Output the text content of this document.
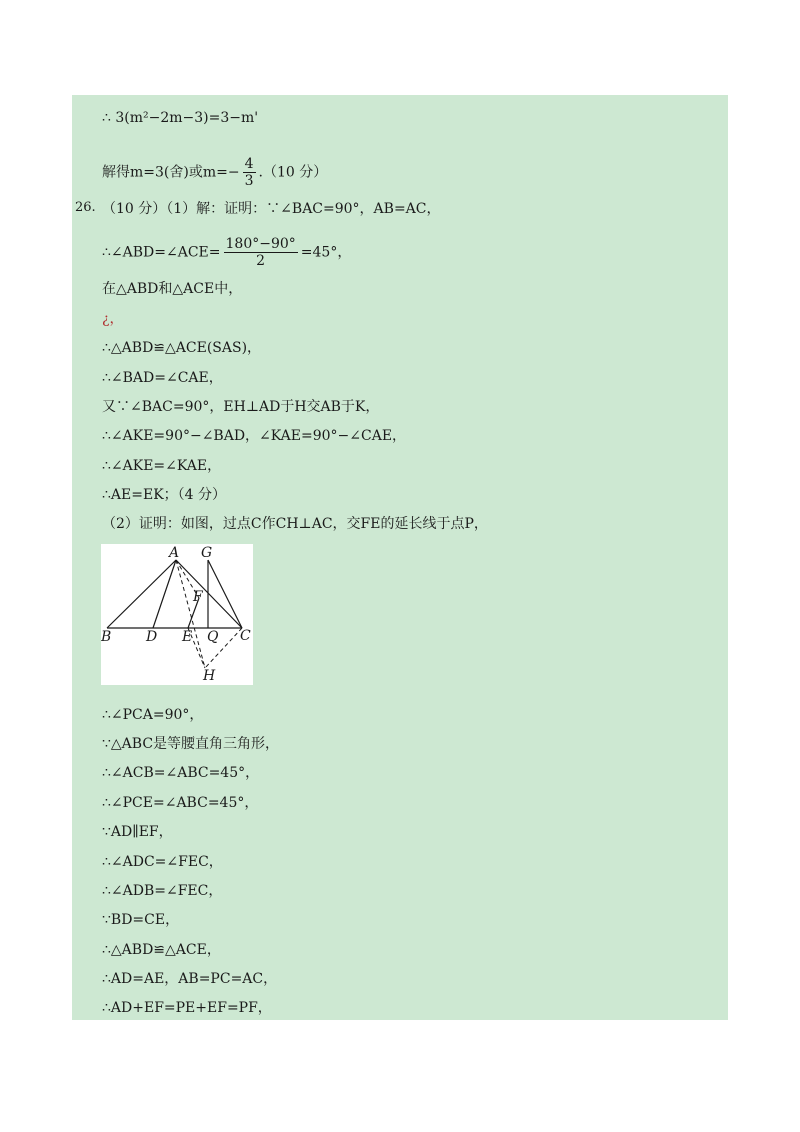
∴ 3(m²−2m−3)=3−m'
解得m=3(舍)或$m=- \frac{4}{3} .(10$ 分）
26. （10 分）（1）解：证明：∵∠BAC=90°，AB=AC，
∴∠ABD=∠ACE= $\frac{180^\circ-90^\circ}{2} =45^\circ$，
在△ABD和△ACE中，
¿，
∴△ABD≌△ACE(SAS)，
∴∠BAD=∠CAE，
又∵∠BAC=90°，EH⊥AD于H交AB于K，
∴∠AKE=90°−∠BAD，∠KAE=90°−∠CAE，
∴∠AKE=∠KAE，
∴AE=EK；（4 分）
（2）证明：如图，过点C作CH⊥AC，交FE的延长线于点P，
A G
F
B D E Q C
H
∴∠PCA=90°，
∵△ABC是等腰直角三角形，
∴∠ACB=∠ABC=45°，
∴∠PCE=∠ABC=45°，
∵AD∥EF，
∴∠ADC=∠FEC，
∴∠ADB=∠FEC，
∵BD=CE，
∴△ABD≌△ACE，
∴AD=AE，AB=PC=AC，
∴AD+EF=PE+EF=PF，
